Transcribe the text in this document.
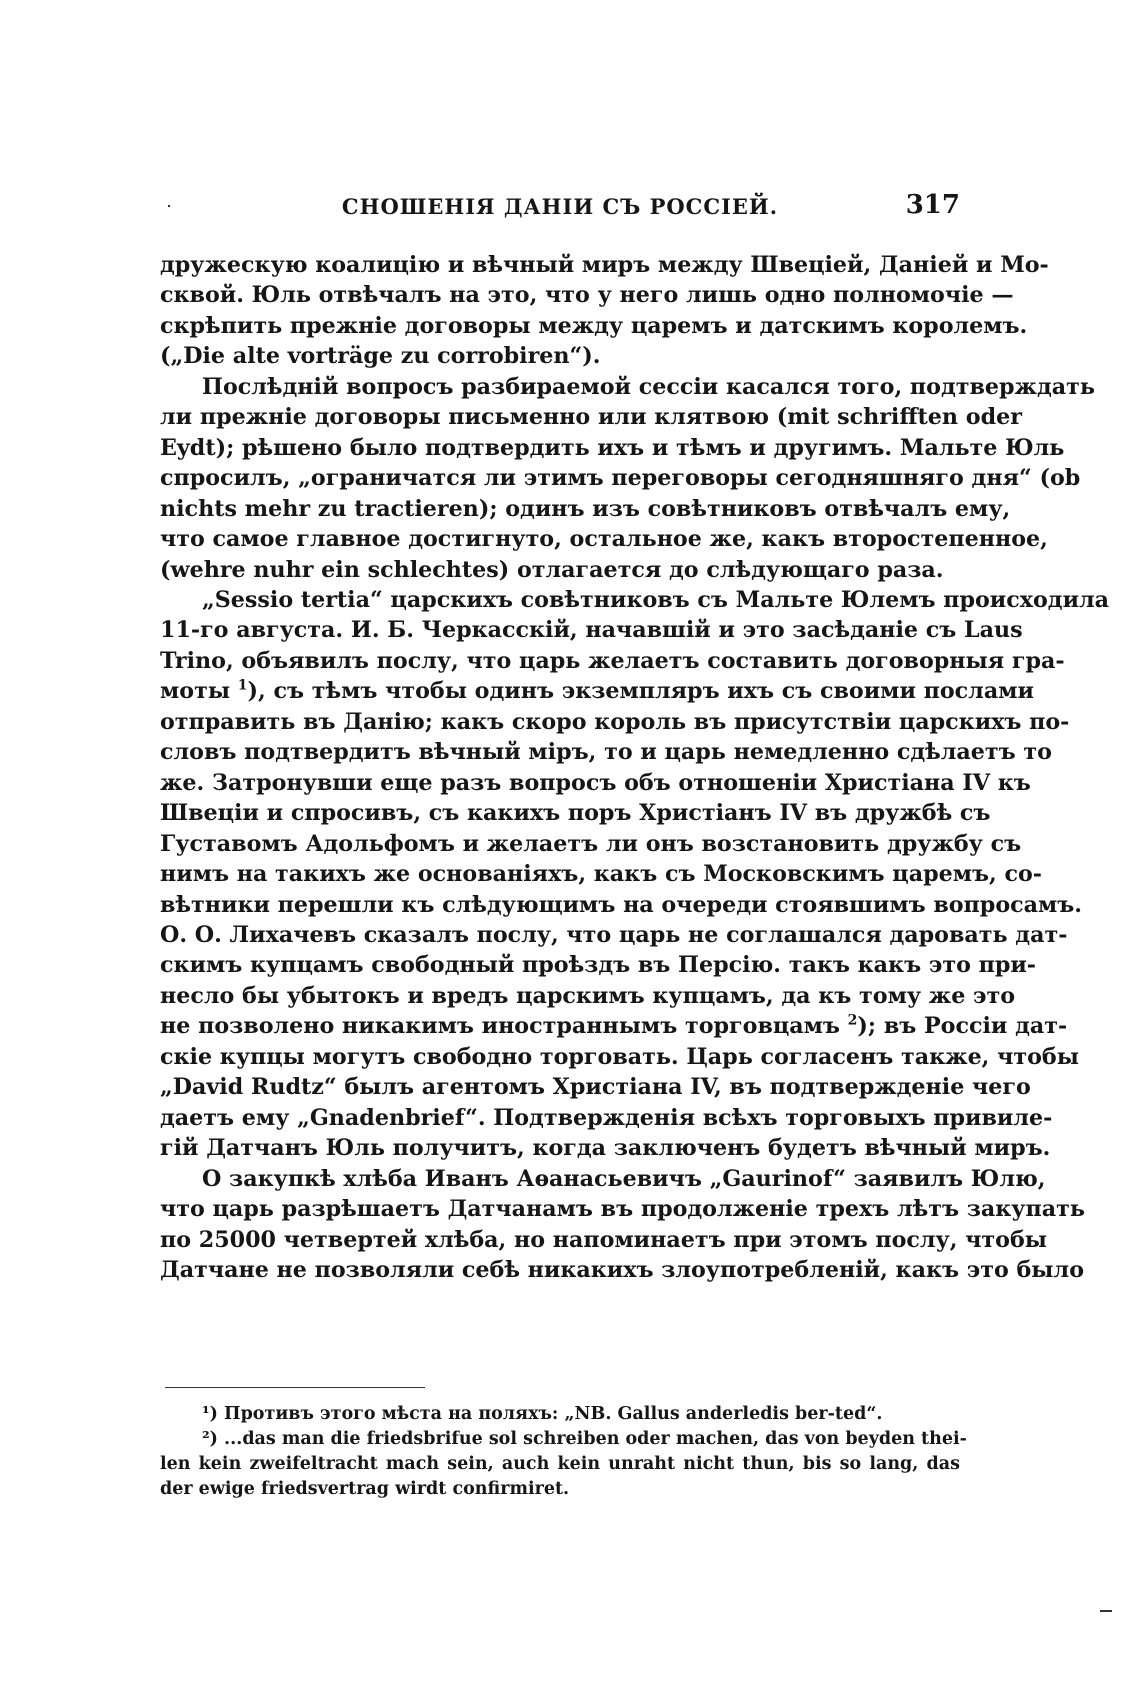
СНОШЕНІЯ ДАНІИ СЪ РОССІЕЙ.	317

дружескую коалицію и вѣчный миръ между Швеціей, Даніей и Мо-
сквой. Юль отвѣчалъ на это, что у него лишь одно полномочіе —
скрѣпить прежніе договоры между царемъ и датскимъ королемъ.
(„Die alte vorträge zu corrobiren“).

Послѣдній вопросъ разбираемой сессіи касался того, подтверждать
ли прежніе договоры письменно или клятвою (mit schrifften oder
Eydt); рѣшено было подтвердить ихъ и тѣмъ и другимъ. Мальте Юль
спросилъ, „ограничатся ли этимъ переговоры сегодняшняго дня“ (ob
nichts mehr zu tractieren); одинъ изъ совѣтниковъ отвѣчалъ ему,
что самое главное достигнуто, остальное же, какъ второстепенное,
(wehre nuhr ein schlechtes) отлагается до слѣдующаго раза.

„Sessio tertia“ царскихъ совѣтниковъ съ Мальте Юлемъ происходила
11-го августа. И. Б. Черкасскій, начавшій и это засѣданіе съ Laus
Trino, объявилъ послу, что царь желаетъ составить договорныя гра-
моты $^1$), съ тѣмъ чтобы одинъ экземпляръ ихъ съ своими послами
отправить въ Данію; какъ скоро король въ присутствіи царскихъ по-
словъ подтвердитъ вѣчный міръ, то и царь немедленно сдѣлаетъ то
же. Затронувши еще разъ вопросъ объ отношеніи Христіана IV къ
Швеціи и спросивъ, съ какихъ поръ Христіанъ IV въ дружбѣ съ
Густавомъ Адольфомъ и желаетъ ли онъ возстановить дружбу съ
нимъ на такихъ же основаніяхъ, какъ съ Московскимъ царемъ, со-
вѣтники перешли къ слѣдующимъ на очереди стоявшимъ вопросамъ.
О. О. Лихачевъ сказалъ послу, что царь не соглашался даровать дат-
скимъ купцамъ свободный проѣздъ въ Персію. такъ какъ это при-
несло бы убытокъ и вредъ царскимъ купцамъ, да къ тому же это
не позволено никакимъ иностраннымъ торговцамъ $^2$); въ Россіи дат-
скіе купцы могутъ свободно торговать. Царь согласенъ также, чтобы
„David Rudtz“ былъ агентомъ Христіана IV, въ подтвержденіе чего
даетъ ему „Gnadenbrief“. Подтвержденія всѣхъ торговыхъ привиле-
гій Датчанъ Юль получитъ, когда заключенъ будетъ вѣчный миръ.

О закупкѣ хлѣба Иванъ Аѳанасьевичъ „Gaurinof“ заявилъ Юлю,
что царь разрѣшаетъ Датчанамъ въ продолженіе трехъ лѣтъ закупать
по 25000 четвертей хлѣба, но напоминаетъ при этомъ послу, чтобы
Датчане не позволяли себѣ никакихъ злоупотребленій, какъ это было

¹) Противъ этого мѣста на поляхъ: „NB. Gallus anderledis ber-ted“.

²) ...das man die friedsbrifue sol schreiben oder machen, das von beyden thei-
len kein zweifeltracht mach sein, auch kein unraht nicht thun, bis so lang, das
der ewige friedsvertrag wirdt confirmiret.
